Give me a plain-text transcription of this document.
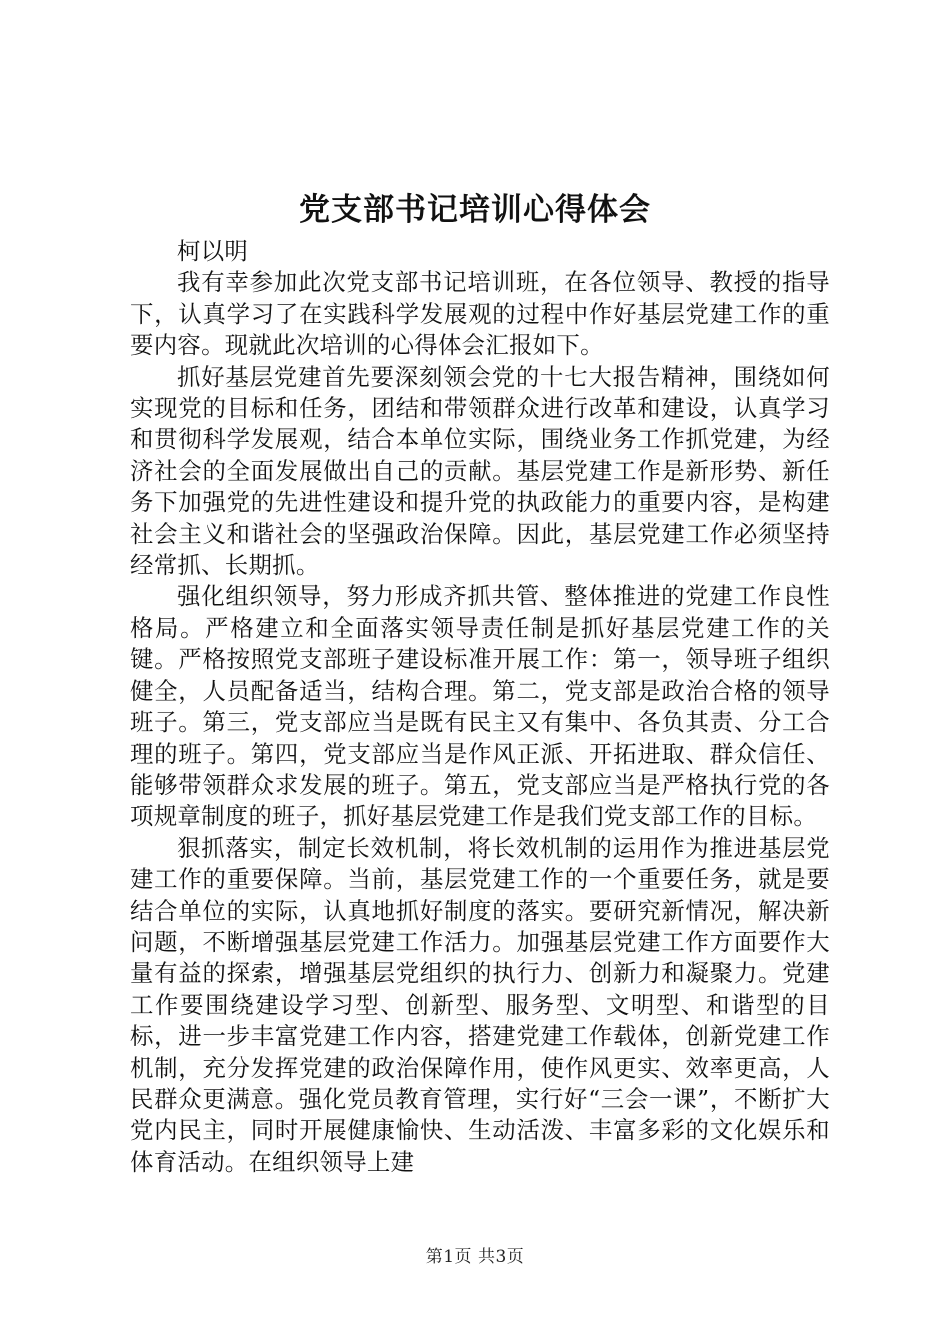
党支部书记培训心得体会

柯以明

我有幸参加此次党支部书记培训班，在各位领导、教授的指导下，认真学习了在实践科学发展观的过程中作好基层党建工作的重要内容。现就此次培训的心得体会汇报如下。

抓好基层党建首先要深刻领会党的十七大报告精神，围绕如何实现党的目标和任务，团结和带领群众进行改革和建设，认真学习和贯彻科学发展观，结合本单位实际，围绕业务工作抓党建，为经济社会的全面发展做出自己的贡献。基层党建工作是新形势、新任务下加强党的先进性建设和提升党的执政能力的重要内容，是构建社会主义和谐社会的坚强政治保障。因此，基层党建工作必须坚持经常抓、长期抓。

强化组织领导，努力形成齐抓共管、整体推进的党建工作良性格局。严格建立和全面落实领导责任制是抓好基层党建工作的关键。严格按照党支部班子建设标准开展工作：第一，领导班子组织健全，人员配备适当，结构合理。第二，党支部是政治合格的领导班子。第三，党支部应当是既有民主又有集中、各负其责、分工合理的班子。第四，党支部应当是作风正派、开拓进取、群众信任、能够带领群众求发展的班子。第五，党支部应当是严格执行党的各项规章制度的班子，抓好基层党建工作是我们党支部工作的目标。

狠抓落实，制定长效机制，将长效机制的运用作为推进基层党建工作的重要保障。当前，基层党建工作的一个重要任务，就是要结合单位的实际，认真地抓好制度的落实。要研究新情况，解决新问题，不断增强基层党建工作活力。加强基层党建工作方面要作大量有益的探索，增强基层党组织的执行力、创新力和凝聚力。党建工作要围绕建设学习型、创新型、服务型、文明型、和谐型的目标，进一步丰富党建工作内容，搭建党建工作载体，创新党建工作机制，充分发挥党建的政治保障作用，使作风更实、效率更高，人民群众更满意。强化党员教育管理，实行好“三会一课”，不断扩大党内民主，同时开展健康愉快、生动活泼、丰富多彩的文化娱乐和体育活动。在组织领导上建

第1页 共3页
